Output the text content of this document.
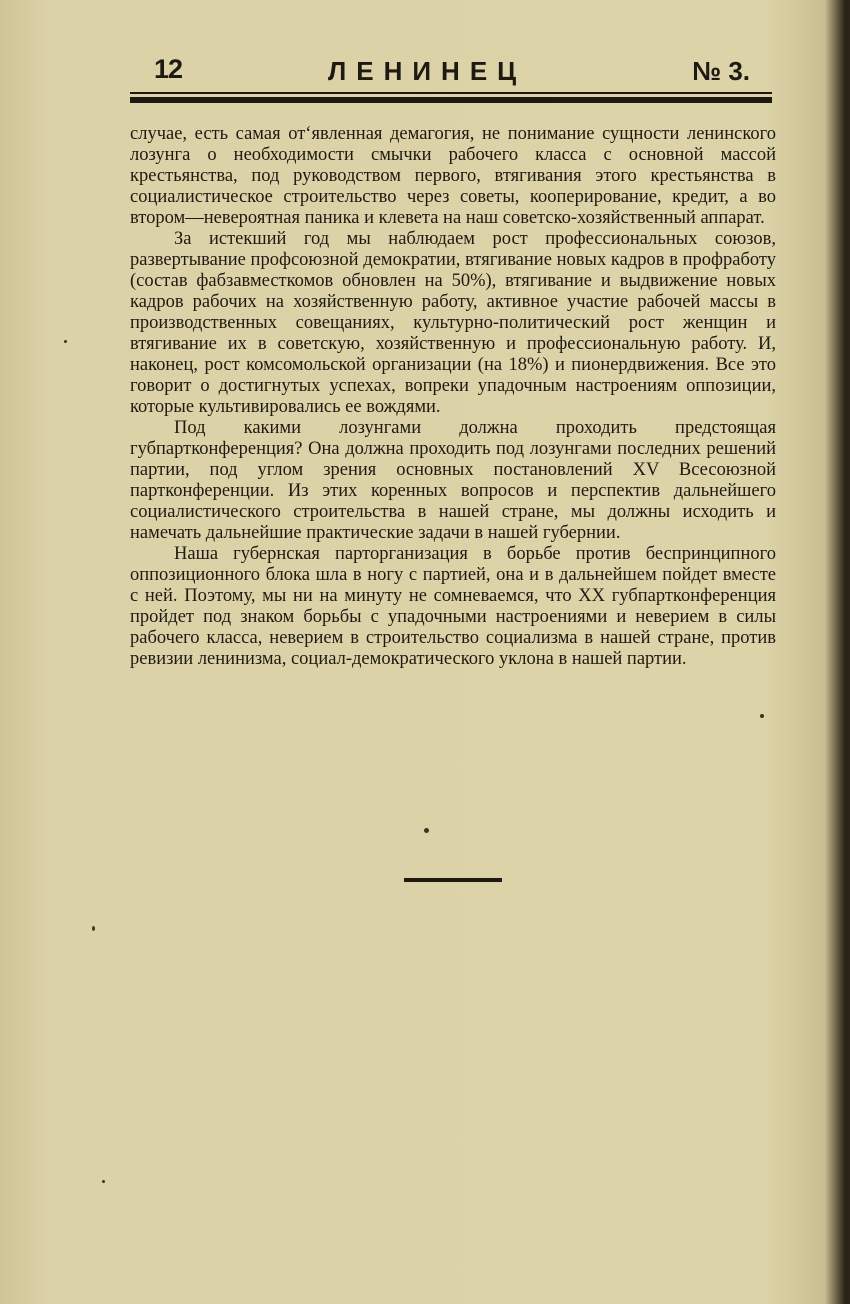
12	ЛЕНИНЕЦ	№ 3.

случае, есть самая от‘явленная демагогия, не понимание сущности ленинского лозунга о необходимости смычки рабочего класса с основной массой крестьянства, под руководством первого, втягивания этого крестьянства в социалистическое строительство через советы, кооперирование, кредит, а во втором—невероятная паника и клевета на наш советско-хозяйственный аппарат.

За истекший год мы наблюдаем рост профессиональных союзов, развертывание профсоюзной демократии, втягивание новых кадров в профработу (состав фабзавместкомов обновлен на 50%), втягивание и выдвижение новых кадров рабочих на хозяйственную работу, активное участие рабочей массы в производственных совещаниях, культурно-политический рост женщин и втягивание их в советскую, хозяйственную и профессиональную работу. И, наконец, рост комсомольской организации (на 18%) и пионердвижения. Все это говорит о достигнутых успехах, вопреки упадочным настроениям оппозиции, которые культивировались ее вождями.

Под какими лозунгами должна проходить предстоящая губпартконференция? Она должна проходить под лозунгами последних решений партии, под углом зрения основных постановлений XV Всесоюзной партконференции. Из этих коренных вопросов и перспектив дальнейшего социалистического строительства в нашей стране, мы должны исходить и намечать дальнейшие практические задачи в нашей губернии.

Наша губернская парторганизация в борьбе против беспринципного оппозиционного блока шла в ногу с партией, она и в дальнейшем пойдет вместе с ней. Поэтому, мы ни на минуту не сомневаемся, что XX губпартконференция пройдет под знаком борьбы с упадочными настроениями и неверием в силы рабочего класса, неверием в строительство социализма в нашей стране, против ревизии ленинизма, социал-демократического уклона в нашей партии.
